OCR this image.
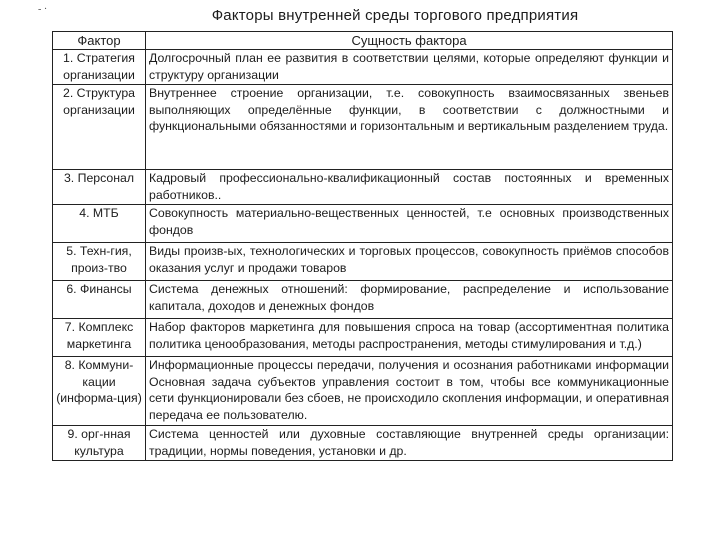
- ·	Факторы внутренней среды торгового предприятия
Фактор	Сущность фактора
1. Стратегия организации	Долгосрочный план ее развития в соответствии целями, которые определяют функции и структуру организации
2. Структура организации	Внутреннее строение организации, т.е. совокупность взаимосвязанных звеньев выполняющих определённые функции, в соответствии с должностными и функциональными обязанностями и горизонтальным и вертикальным разделением труда.
3. Персонал	Кадровый профессионально-квалификационный состав постоянных и временных работников..
4. МТБ	Совокупность материально-вещественных ценностей, т.е основных производственных фондов
5. Техн-гия, произ-тво	Виды произв-ых, технологических и торговых процессов, совокупность приёмов способов оказания услуг и продажи товаров
6. Финансы	Система денежных отношений: формирование, распределение и использование капитала, доходов и денежных фондов
7. Комплекс маркетинга	Набор факторов маркетинга для повышения спроса на товар (ассортиментная политика политика ценообразования, методы распространения, методы стимулирования и т.д.)
8. Коммуни-кации (информа-ция)	Информационные процессы передачи, получения и осознания работниками информации Основная задача субъектов управления состоит в том, чтобы все коммуникационные сети функционировали без сбоев, не происходило скопления информации, и оперативная передача ее пользователю.
9. орг-нная культура	Система ценностей или духовные составляющие внутренней среды организации: традиции, нормы поведения, установки и др.
